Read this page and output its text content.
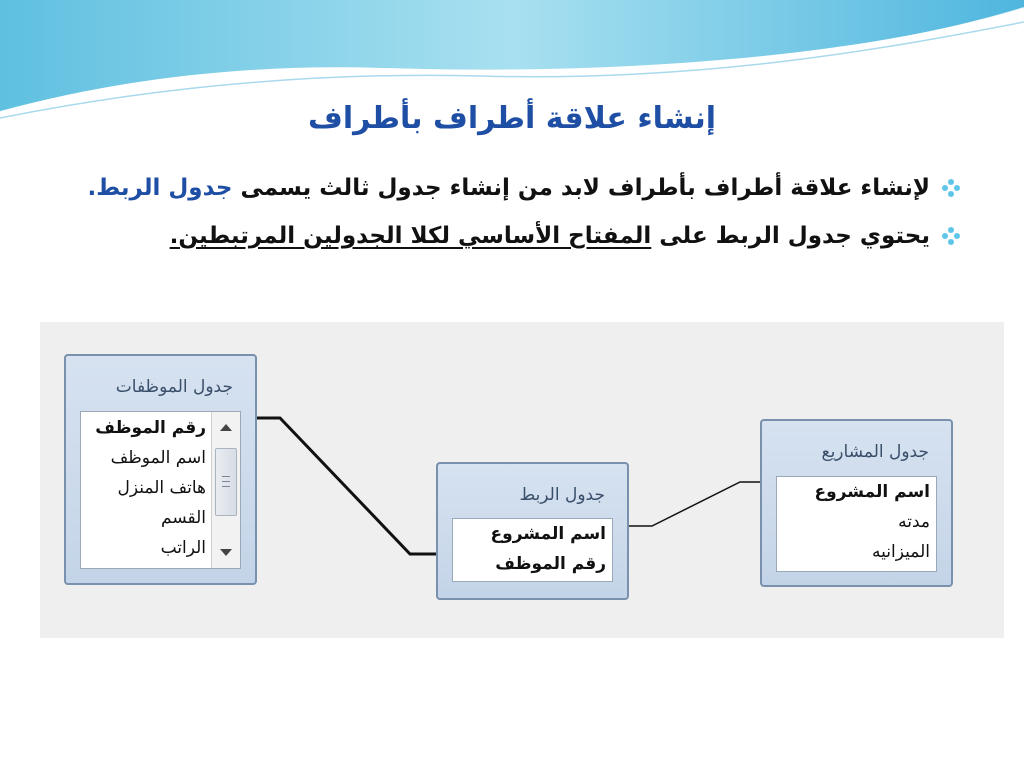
إنشاء علاقة أطراف بأطراف
لإنشاء علاقة أطراف بأطراف لابد من إنشاء جدول ثالث يسمى جدول الربط.
يحتوي جدول الربط على المفتاح الأساسي لكلا الجدولين المرتبطين.
جدول الموظفات
رقم الموظف
اسم الموظف
هاتف المنزل
القسم
الراتب
جدول الربط
اسم المشروع
رقم الموظف
جدول المشاريع
اسم المشروع
مدته
الميزانيه
